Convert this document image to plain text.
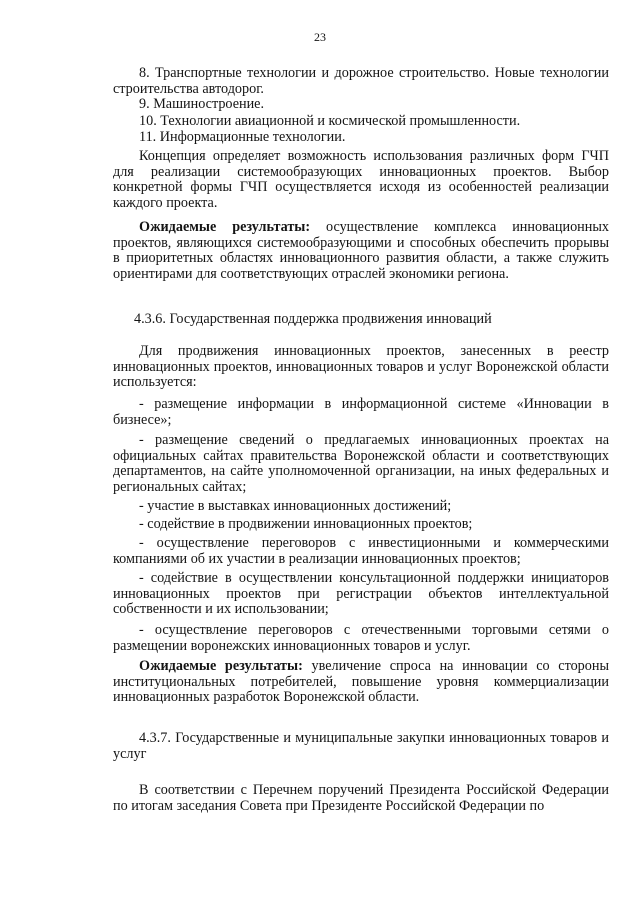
23

8. Транспортные технологии и дорожное строительство. Новые технологии строительства автодорог.

9. Машиностроение.

10. Технологии авиационной и космической промышленности.

11. Информационные технологии.

Концепция определяет возможность использования различных форм ГЧП для реализации системообразующих инновационных проектов. Выбор конкретной формы ГЧП осуществляется исходя из особенностей реализации каждого проекта.

Ожидаемые результаты: осуществление комплекса инновационных проектов, являющихся системообразующими и способных обеспечить прорывы в приоритетных областях инновационного развития области, а также служить ориентирами для соответствующих отраслей экономики региона.

4.3.6. Государственная поддержка продвижения инноваций

Для продвижения инновационных проектов, занесенных в реестр инновационных проектов, инновационных товаров и услуг Воронежской области используется:

- размещение информации в информационной системе «Инновации в бизнесе»;

- размещение сведений о предлагаемых инновационных проектах на официальных сайтах правительства Воронежской области и соответствующих департаментов, на сайте уполномоченной организации, на иных федеральных и региональных сайтах;

- участие в выставках инновационных достижений;

- содействие в продвижении инновационных проектов;

- осуществление переговоров с инвестиционными и коммерческими компаниями об их участии в реализации инновационных проектов;

- содействие в осуществлении консультационной поддержки инициаторов инновационных проектов при регистрации объектов интеллектуальной собственности и их использовании;

- осуществление переговоров с отечественными торговыми сетями о размещении воронежских инновационных товаров и услуг.

Ожидаемые результаты: увеличение спроса на инновации со стороны институциональных потребителей, повышение уровня коммерциализации инновационных разработок Воронежской области.

4.3.7. Государственные и муниципальные закупки инновационных товаров и услуг

В соответствии с Перечнем поручений Президента Российской Федерации по итогам заседания Совета при Президенте Российской Федерации по
